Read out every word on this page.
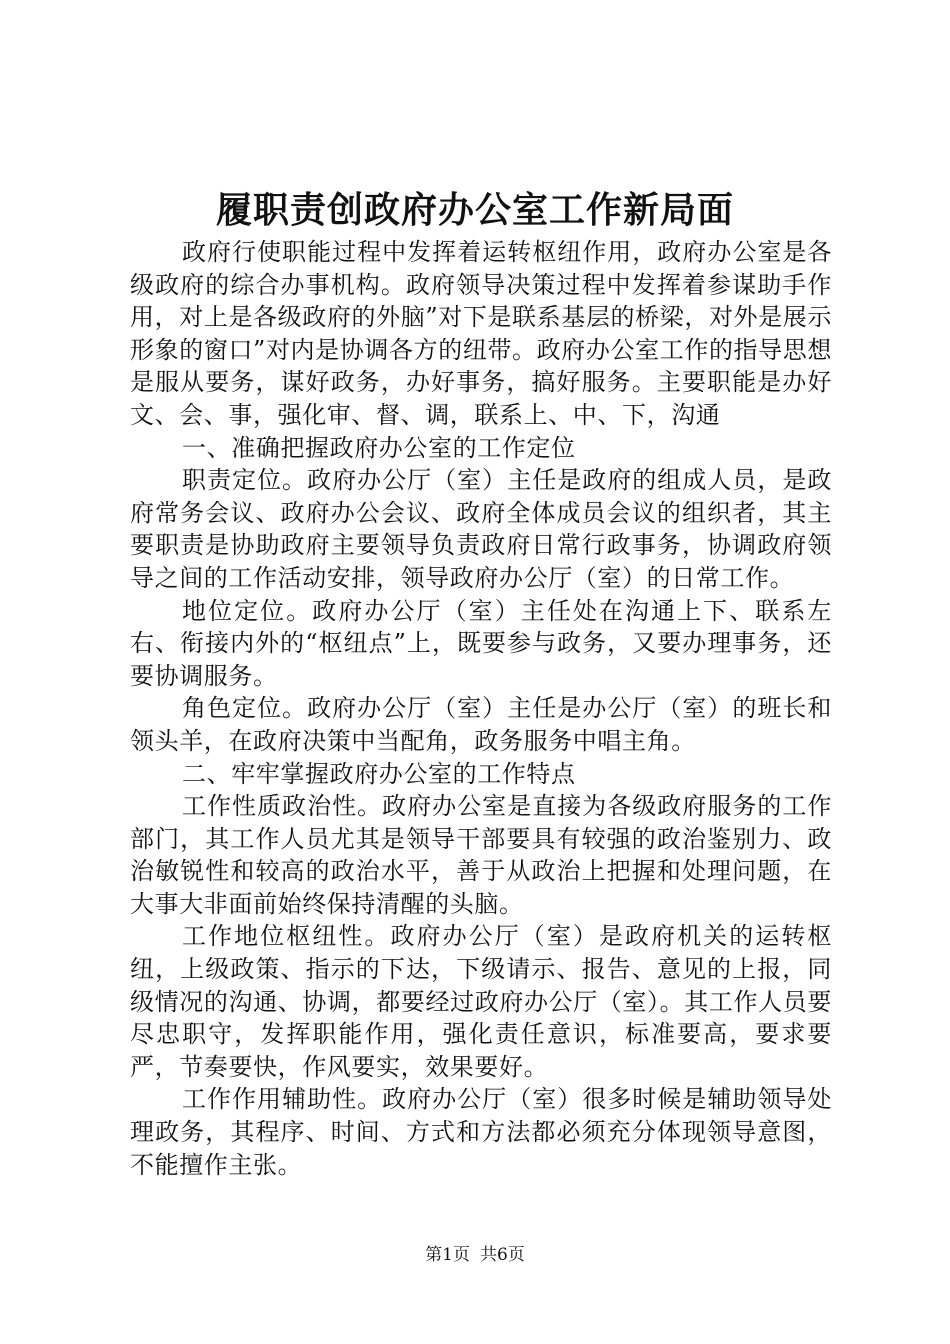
履职责创政府办公室工作新局面

政府行使职能过程中发挥着运转枢纽作用，政府办公室是各级政府的综合办事机构。政府领导决策过程中发挥着参谋助手作用，对上是各级政府的外脑”对下是联系基层的桥梁，对外是展示形象的窗口”对内是协调各方的纽带。政府办公室工作的指导思想是服从要务，谋好政务，办好事务，搞好服务。主要职能是办好文、会、事，强化审、督、调，联系上、中、下，沟通

一、准确把握政府办公室的工作定位

职责定位。政府办公厅（室）主任是政府的组成人员，是政府常务会议、政府办公会议、政府全体成员会议的组织者，其主要职责是协助政府主要领导负责政府日常行政事务，协调政府领导之间的工作活动安排，领导政府办公厅（室）的日常工作。

地位定位。政府办公厅（室）主任处在沟通上下、联系左右、衔接内外的“枢纽点”上，既要参与政务，又要办理事务，还要协调服务。

角色定位。政府办公厅（室）主任是办公厅（室）的班长和领头羊，在政府决策中当配角，政务服务中唱主角。

二、牢牢掌握政府办公室的工作特点

工作性质政治性。政府办公室是直接为各级政府服务的工作部门，其工作人员尤其是领导干部要具有较强的政治鉴别力、政治敏锐性和较高的政治水平，善于从政治上把握和处理问题，在大事大非面前始终保持清醒的头脑。

工作地位枢纽性。政府办公厅（室）是政府机关的运转枢纽，上级政策、指示的下达，下级请示、报告、意见的上报，同级情况的沟通、协调，都要经过政府办公厅（室）。其工作人员要尽忠职守，发挥职能作用，强化责任意识，标准要高，要求要严，节奏要快，作风要实，效果要好。

工作作用辅助性。政府办公厅（室）很多时候是辅助领导处理政务，其程序、时间、方式和方法都必须充分体现领导意图，不能擅作主张。

第1页 共6页
